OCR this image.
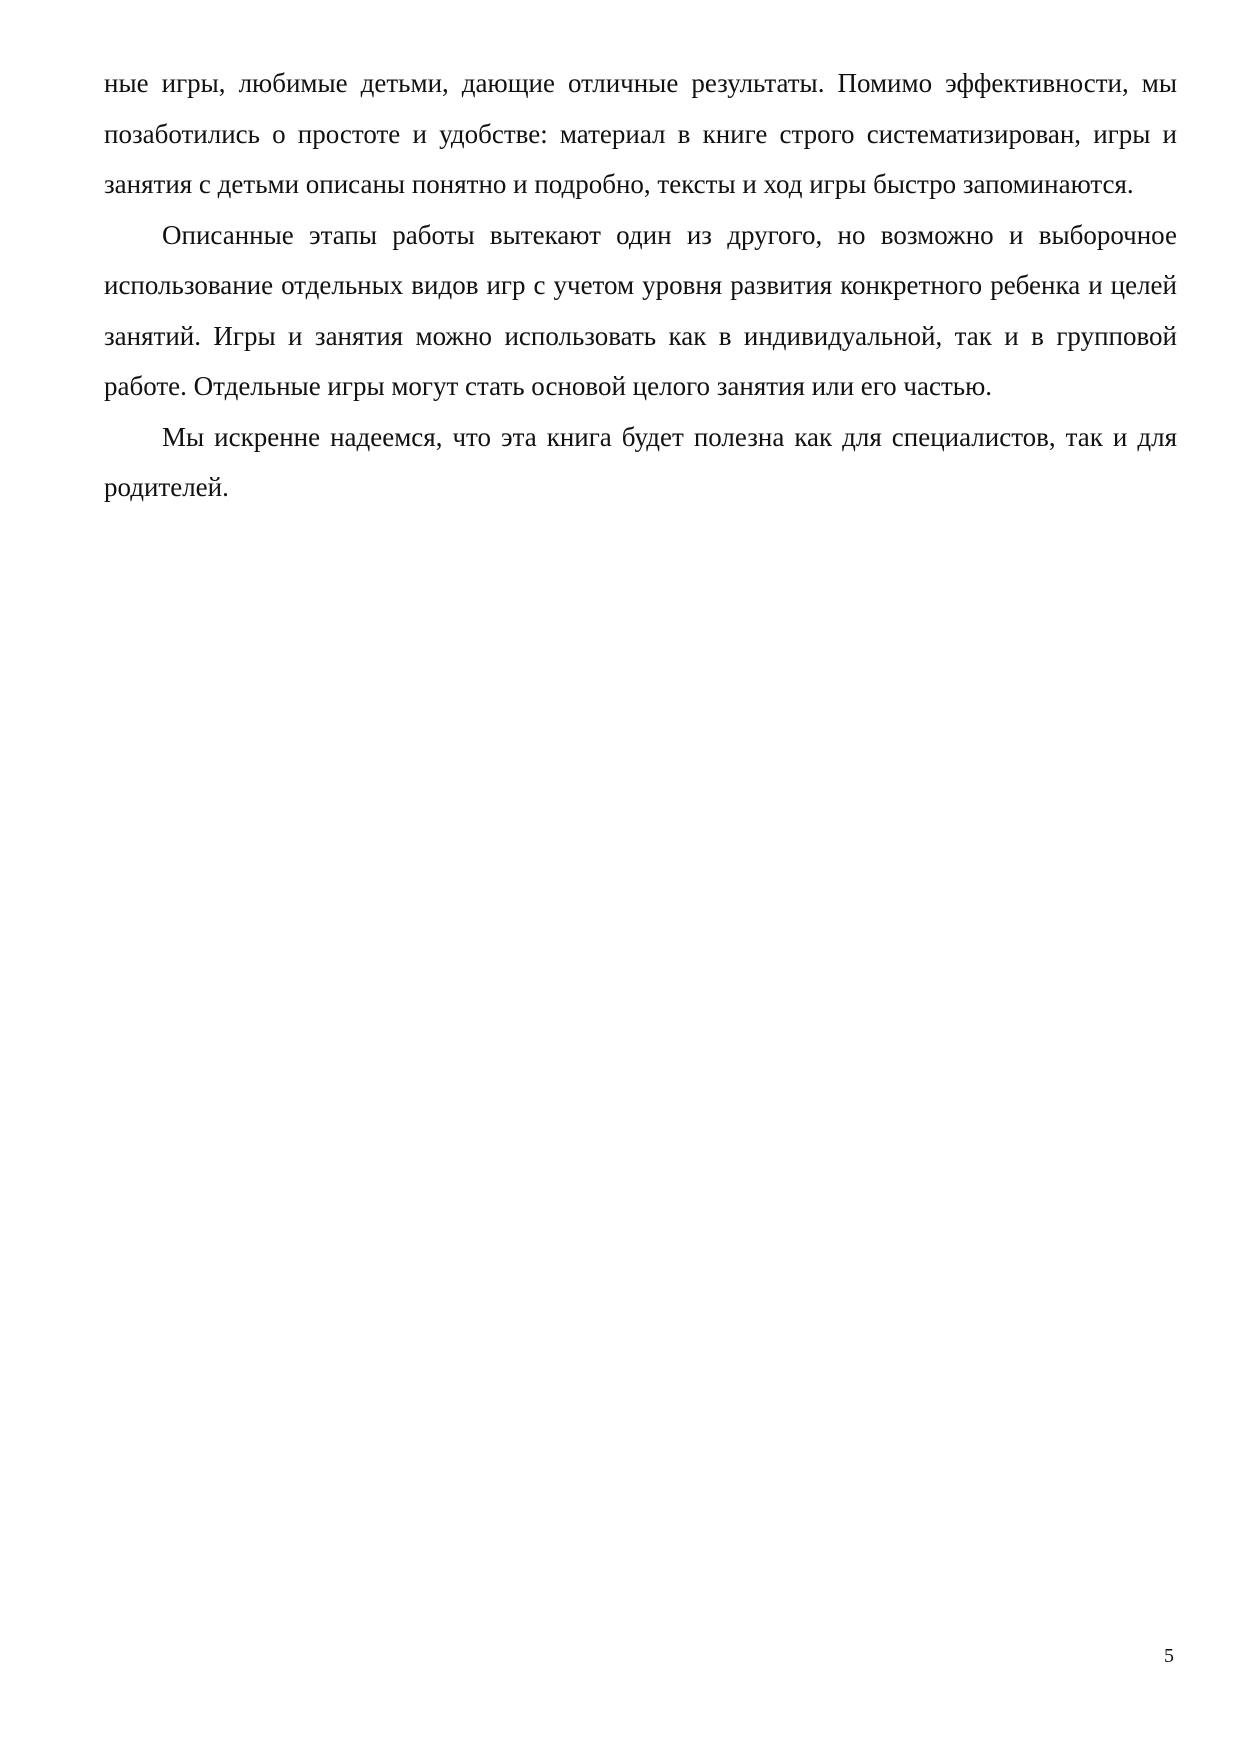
ные игры, любимые детьми, дающие отличные результаты. Помимо эффективности, мы позаботились о простоте и удобстве: материал в книге строго систематизирован, игры и занятия с детьми описаны понятно и подробно, тексты и ход игры быстро запоминаются.

Описанные этапы работы вытекают один из другого, но возможно и выборочное использование отдельных видов игр с учетом уровня развития конкретного ребенка и целей занятий. Игры и занятия можно использовать как в индивидуальной, так и в групповой работе. Отдельные игры могут стать основой целого занятия или его частью.

Мы искренне надеемся, что эта книга будет полезна как для специалистов, так и для родителей.

5
